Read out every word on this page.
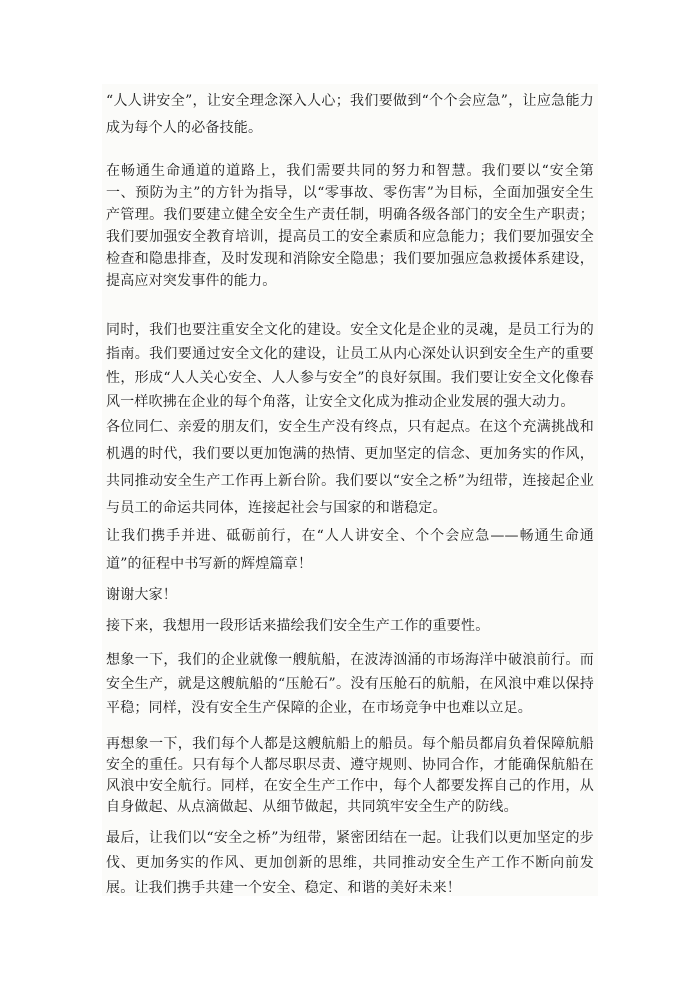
“人人讲安全”，让安全理念深入人心；我们要做到“个个会应急”，让应急能力成为每个人的必备技能。

在畅通生命通道的道路上，我们需要共同的努力和智慧。我们要以“安全第一、预防为主”的方针为指导，以“零事故、零伤害”为目标，全面加强安全生产管理。我们要建立健全安全生产责任制，明确各级各部门的安全生产职责；我们要加强安全教育培训，提高员工的安全素质和应急能力；我们要加强安全检查和隐患排查，及时发现和消除安全隐患；我们要加强应急救援体系建设，提高应对突发事件的能力。

同时，我们也要注重安全文化的建设。安全文化是企业的灵魂，是员工行为的指南。我们要通过安全文化的建设，让员工从内心深处认识到安全生产的重要性，形成“人人关心安全、人人参与安全”的良好氛围。我们要让安全文化像春风一样吹拂在企业的每个角落，让安全文化成为推动企业发展的强大动力。

各位同仁、亲爱的朋友们，安全生产没有终点，只有起点。在这个充满挑战和机遇的时代，我们要以更加饱满的热情、更加坚定的信念、更加务实的作风，共同推动安全生产工作再上新台阶。我们要以“安全之桥”为纽带，连接起企业与员工的命运共同体，连接起社会与国家的和谐稳定。

让我们携手并进、砥砺前行，在“人人讲安全、个个会应急——畅通生命通道”的征程中书写新的辉煌篇章！

谢谢大家！

接下来，我想用一段形话来描绘我们安全生产工作的重要性。

想象一下，我们的企业就像一艘航船，在波涛汹涌的市场海洋中破浪前行。而安全生产，就是这艘航船的“压舱石”。没有压舱石的航船，在风浪中难以保持平稳；同样，没有安全生产保障的企业，在市场竞争中也难以立足。

再想象一下，我们每个人都是这艘航船上的船员。每个船员都肩负着保障航船安全的重任。只有每个人都尽职尽责、遵守规则、协同合作，才能确保航船在风浪中安全航行。同样，在安全生产工作中，每个人都要发挥自己的作用，从自身做起、从点滴做起、从细节做起，共同筑牢安全生产的防线。

最后，让我们以“安全之桥”为纽带，紧密团结在一起。让我们以更加坚定的步伐、更加务实的作风、更加创新的思维，共同推动安全生产工作不断向前发展。让我们携手共建一个安全、稳定、和谐的美好未来！
